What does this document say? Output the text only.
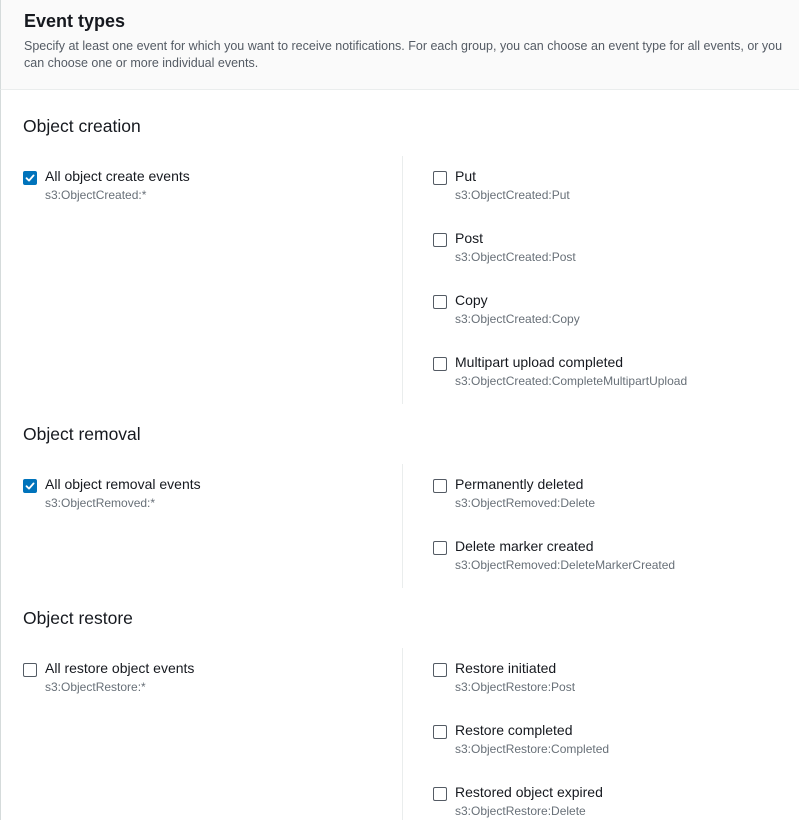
Event types
Specify at least one event for which you want to receive notifications. For each group, you can choose an event type for all events, or you can choose one or more individual events.
Object creation
All object create events
s3:ObjectCreated:*
Put
s3:ObjectCreated:Put
Post
s3:ObjectCreated:Post
Copy
s3:ObjectCreated:Copy
Multipart upload completed
s3:ObjectCreated:CompleteMultipartUpload
Object removal
All object removal events
s3:ObjectRemoved:*
Permanently deleted
s3:ObjectRemoved:Delete
Delete marker created
s3:ObjectRemoved:DeleteMarkerCreated
Object restore
All restore object events
s3:ObjectRestore:*
Restore initiated
s3:ObjectRestore:Post
Restore completed
s3:ObjectRestore:Completed
Restored object expired
s3:ObjectRestore:Delete
